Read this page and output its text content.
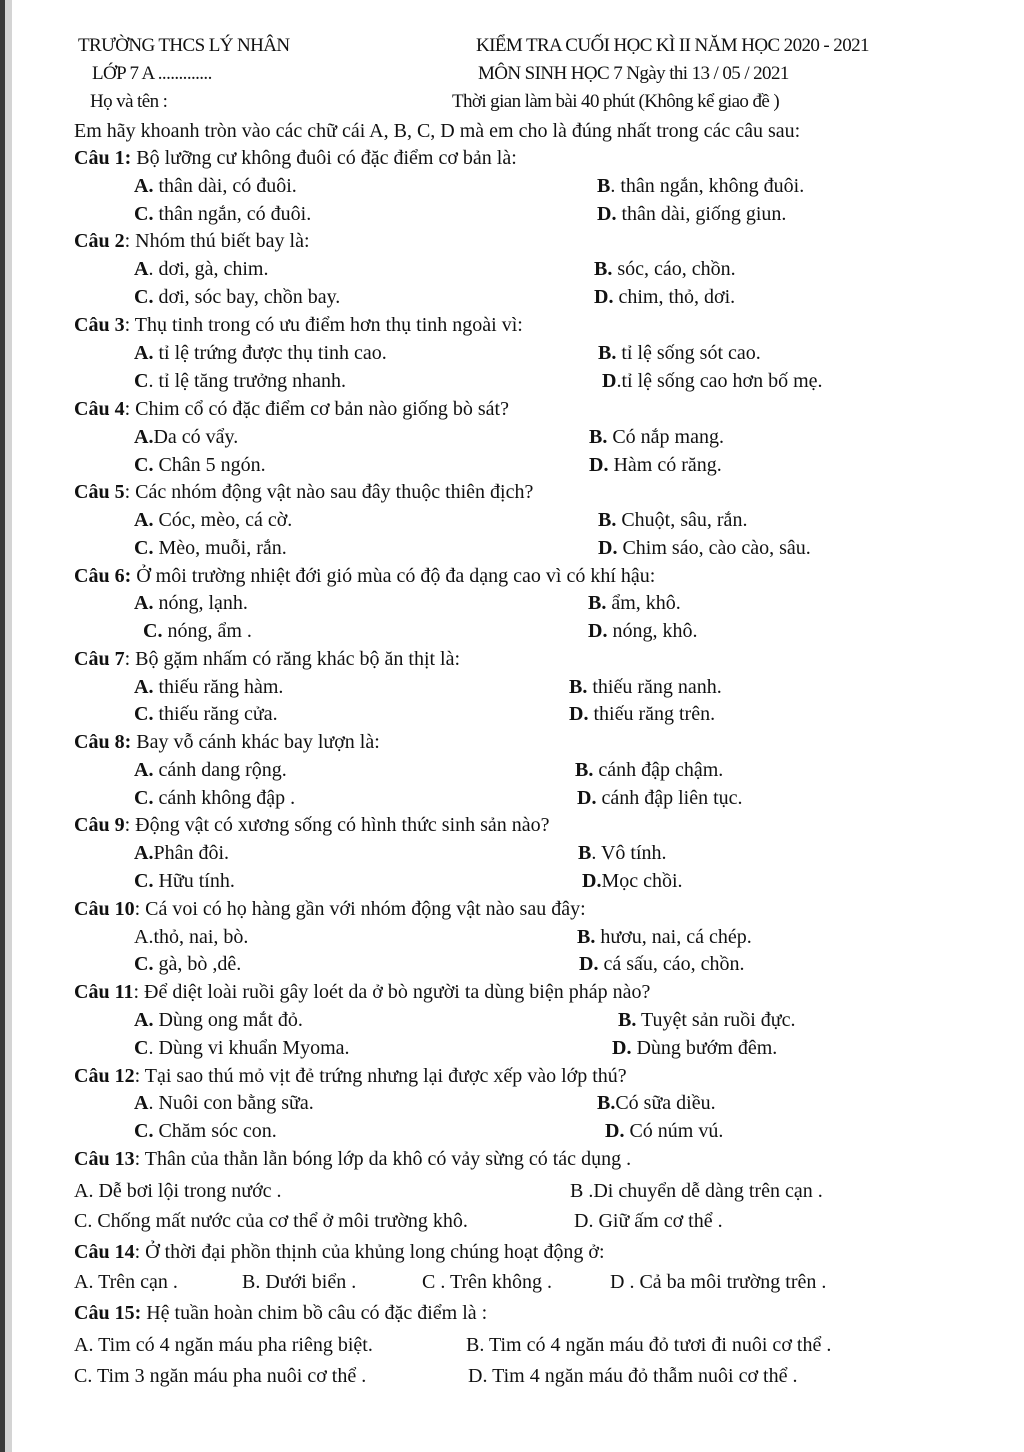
TRƯỜNG THCS LÝ NHÂN
LỚP 7 A .............
Họ và tên :
KIỂM TRA CUỐI HỌC KÌ II NĂM HỌC 2020 - 2021
MÔN SINH HỌC 7 Ngày thi 13 / 05 / 2021
Thời gian làm bài 40 phút (Không kể giao đề )
Em hãy khoanh tròn vào các chữ cái A, B, C, D mà em cho là đúng nhất trong các câu sau:
Câu 1: Bộ lưỡng cư không đuôi có đặc điểm cơ bản là:
A. thân dài, có đuôi.	B. thân ngắn, không đuôi.
C. thân ngắn, có đuôi.	D. thân dài, giống giun.
Câu 2: Nhóm thú biết bay là:
A. dơi, gà, chim.	B. sóc, cáo, chồn.
C. dơi, sóc bay, chồn bay.	D. chim, thỏ, dơi.
Câu 3: Thụ tinh trong có ưu điểm hơn thụ tinh ngoài vì:
A. tỉ lệ trứng được thụ tinh cao.	B. tỉ lệ sống sót cao.
C. tỉ lệ tăng trưởng nhanh.	D.tỉ lệ sống cao hơn bố mẹ.
Câu 4: Chim cổ có đặc điểm cơ bản nào giống bò sát?
A.Da có vẩy.	B. Có nắp mang.
C. Chân 5 ngón.	D. Hàm có răng.
Câu 5: Các nhóm động vật nào sau đây thuộc thiên địch?
A. Cóc, mèo, cá cờ.	B. Chuột, sâu, rắn.
C. Mèo, muỗi, rắn.	D. Chim sáo, cào cào, sâu.
Câu 6: Ở môi trường nhiệt đới gió mùa có độ đa dạng cao vì có khí hậu:
A. nóng, lạnh.	B. ẩm, khô.
C. nóng, ẩm .	D. nóng, khô.
Câu 7: Bộ gặm nhấm có răng khác bộ ăn thịt là:
A. thiếu răng hàm.	B. thiếu răng nanh.
C. thiếu răng cửa.	D. thiếu răng trên.
Câu 8: Bay vỗ cánh khác bay lượn là:
A. cánh dang rộng.	B. cánh đập chậm.
C. cánh không đập .	D. cánh đập liên tục.
Câu 9: Động vật có xương sống có hình thức sinh sản nào?
A.Phân đôi.	B. Vô tính.
C. Hữu tính.	D.Mọc chồi.
Câu 10: Cá voi có họ hàng gần với nhóm động vật nào sau đây:
A.thỏ, nai, bò.	B. hươu, nai, cá chép.
C. gà, bò ,dê.	D. cá sấu, cáo, chồn.
Câu 11: Để diệt loài ruồi gây loét da ở bò người ta dùng biện pháp nào?
A. Dùng ong mắt đỏ.	B. Tuyệt sản ruồi đực.
C. Dùng vi khuẩn Myoma.	D. Dùng bướm đêm.
Câu 12: Tại sao thú mỏ vịt đẻ trứng nhưng lại được xếp vào lớp thú?
A. Nuôi con bằng sữa.	B.Có sữa diều.
C. Chăm sóc con.	D. Có núm vú.
Câu 13: Thân của thằn lằn bóng lớp da khô có vảy sừng có tác dụng .
A. Dễ bơi lội trong nước .	B .Di chuyển dễ dàng trên cạn .
C. Chống mất nước của cơ thể ở môi trường khô.	D. Giữ ấm cơ thể .
Câu 14: Ở thời đại phồn thịnh của khủng long chúng hoạt động ở:
A. Trên cạn .	B. Dưới biển .	C . Trên không .	D . Cả ba môi trường trên .
Câu 15: Hệ tuần hoàn chim bồ câu có đặc điểm là :
A. Tim có 4 ngăn máu pha riêng biệt.	B. Tim có 4 ngăn máu đỏ tươi đi nuôi cơ thể .
C. Tim 3 ngăn máu pha nuôi cơ thể .	D. Tim 4 ngăn máu đỏ thẫm nuôi cơ thể .
